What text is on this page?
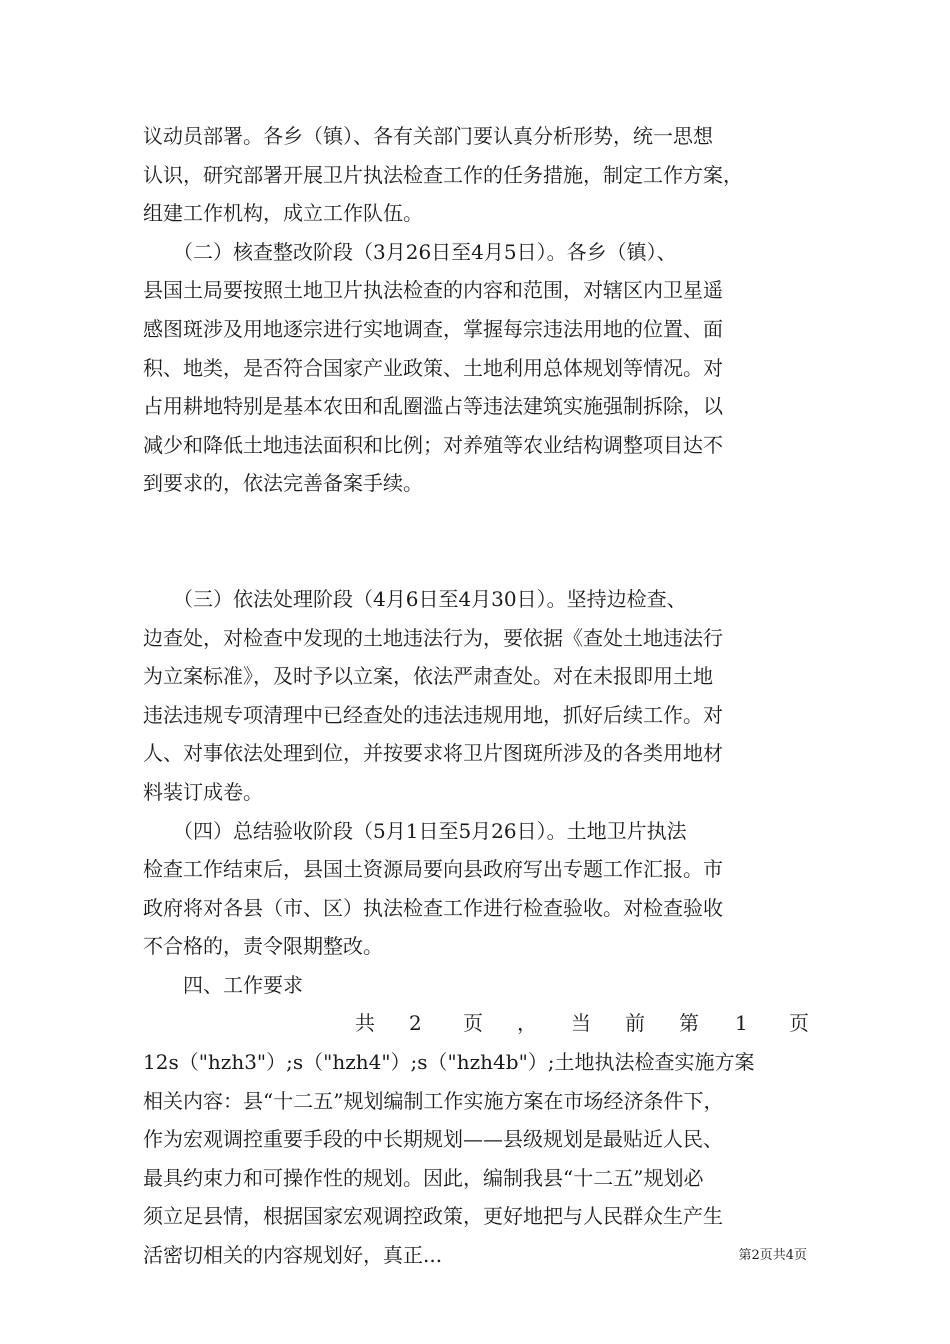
议动员部署。各乡（镇）、各有关部门要认真分析形势，统一思想
认识，研究部署开展卫片执法检查工作的任务措施，制定工作方案，
组建工作机构，成立工作队伍。
　　（二）核查整改阶段（3月26日至4月5日）。各乡（镇）、
县国土局要按照土地卫片执法检查的内容和范围，对辖区内卫星遥
感图斑涉及用地逐宗进行实地调查，掌握每宗违法用地的位置、面
积、地类，是否符合国家产业政策、土地利用总体规划等情况。对
占用耕地特别是基本农田和乱圈滥占等违法建筑实施强制拆除，以
减少和降低土地违法面积和比例；对养殖等农业结构调整项目达不
到要求的，依法完善备案手续。
　　（三）依法处理阶段（4月6日至4月30日）。坚持边检查、
边查处，对检查中发现的土地违法行为，要依据《查处土地违法行
为立案标准》，及时予以立案，依法严肃查处。对在未报即用土地
违法违规专项清理中已经查处的违法违规用地，抓好后续工作。对
人、对事依法处理到位，并按要求将卫片图斑所涉及的各类用地材
料装订成卷。
　　（四）总结验收阶段（5月1日至5月26日）。土地卫片执法
检查工作结束后，县国土资源局要向县政府写出专题工作汇报。市
政府将对各县（市、区）执法检查工作进行检查验收。对检查验收
不合格的，责令限期整改。
　　四、工作要求
共 2 页 ， 当 前 第 1 页
12s（"hzh3"）;s（"hzh4"）;s（"hzh4b"）;土地执法检查实施方案
相关内容：县“十二五”规划编制工作实施方案在市场经济条件下，
作为宏观调控重要手段的中长期规划——县级规划是最贴近人民、
最具约束力和可操作性的规划。因此，编制我县“十二五”规划必
须立足县情，根据国家宏观调控政策，更好地把与人民群众生产生
活密切相关的内容规划好，真正...	第2页共4页
